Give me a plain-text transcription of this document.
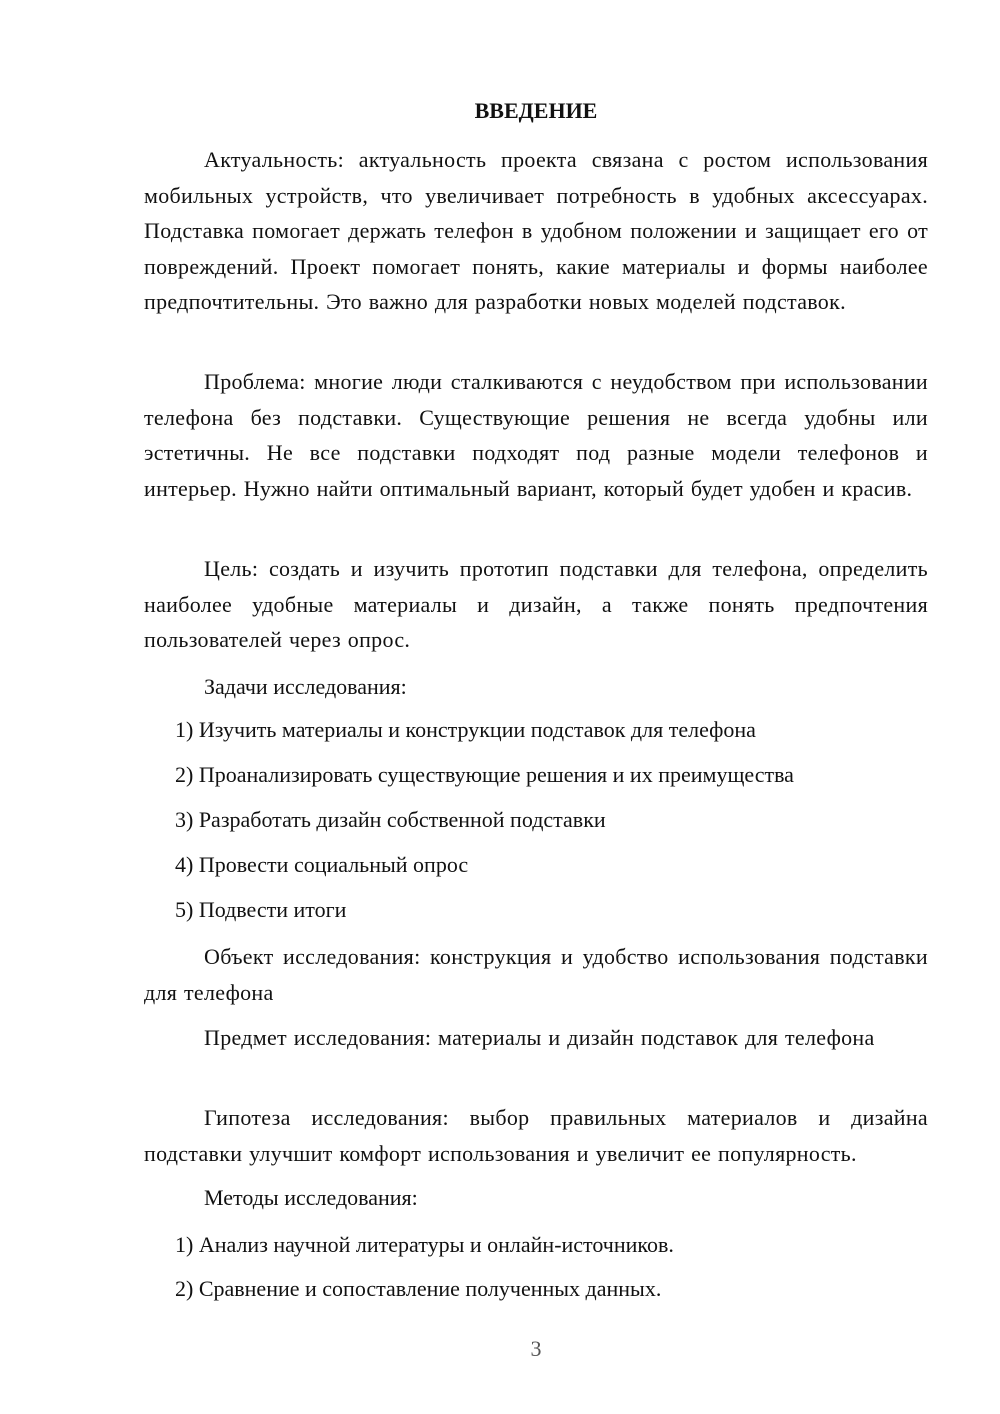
ВВЕДЕНИЕ

Актуальность: актуальность проекта связана с ростом использования мобильных устройств, что увеличивает потребность в удобных аксессуарах. Подставка помогает держать телефон в удобном положении и защищает его от повреждений. Проект помогает понять, какие материалы и формы наиболее предпочтительны. Это важно для разработки новых моделей подставок.

Проблема: многие люди сталкиваются с неудобством при использовании телефона без подставки. Существующие решения не всегда удобны или эстетичны. Не все подставки подходят под разные модели телефонов и интерьер. Нужно найти оптимальный вариант, который будет удобен и красив.

Цель: создать и изучить прототип подставки для телефона, определить наиболее удобные материалы и дизайн, а также понять предпочтения пользователей через опрос.

Задачи исследования:

1) Изучить материалы и конструкции подставок для телефона
2) Проанализировать существующие решения и их преимущества
3) Разработать дизайн собственной подставки
4) Провести социальный опрос
5) Подвести итоги

Объект исследования: конструкция и удобство использования подставки для телефона

Предмет исследования: материалы и дизайн подставок для телефона

Гипотеза исследования: выбор правильных материалов и дизайна подставки улучшит комфорт использования и увеличит ее популярность.

Методы исследования:

1) Анализ научной литературы и онлайн-источников.
2) Сравнение и сопоставление полученных данных.
3
